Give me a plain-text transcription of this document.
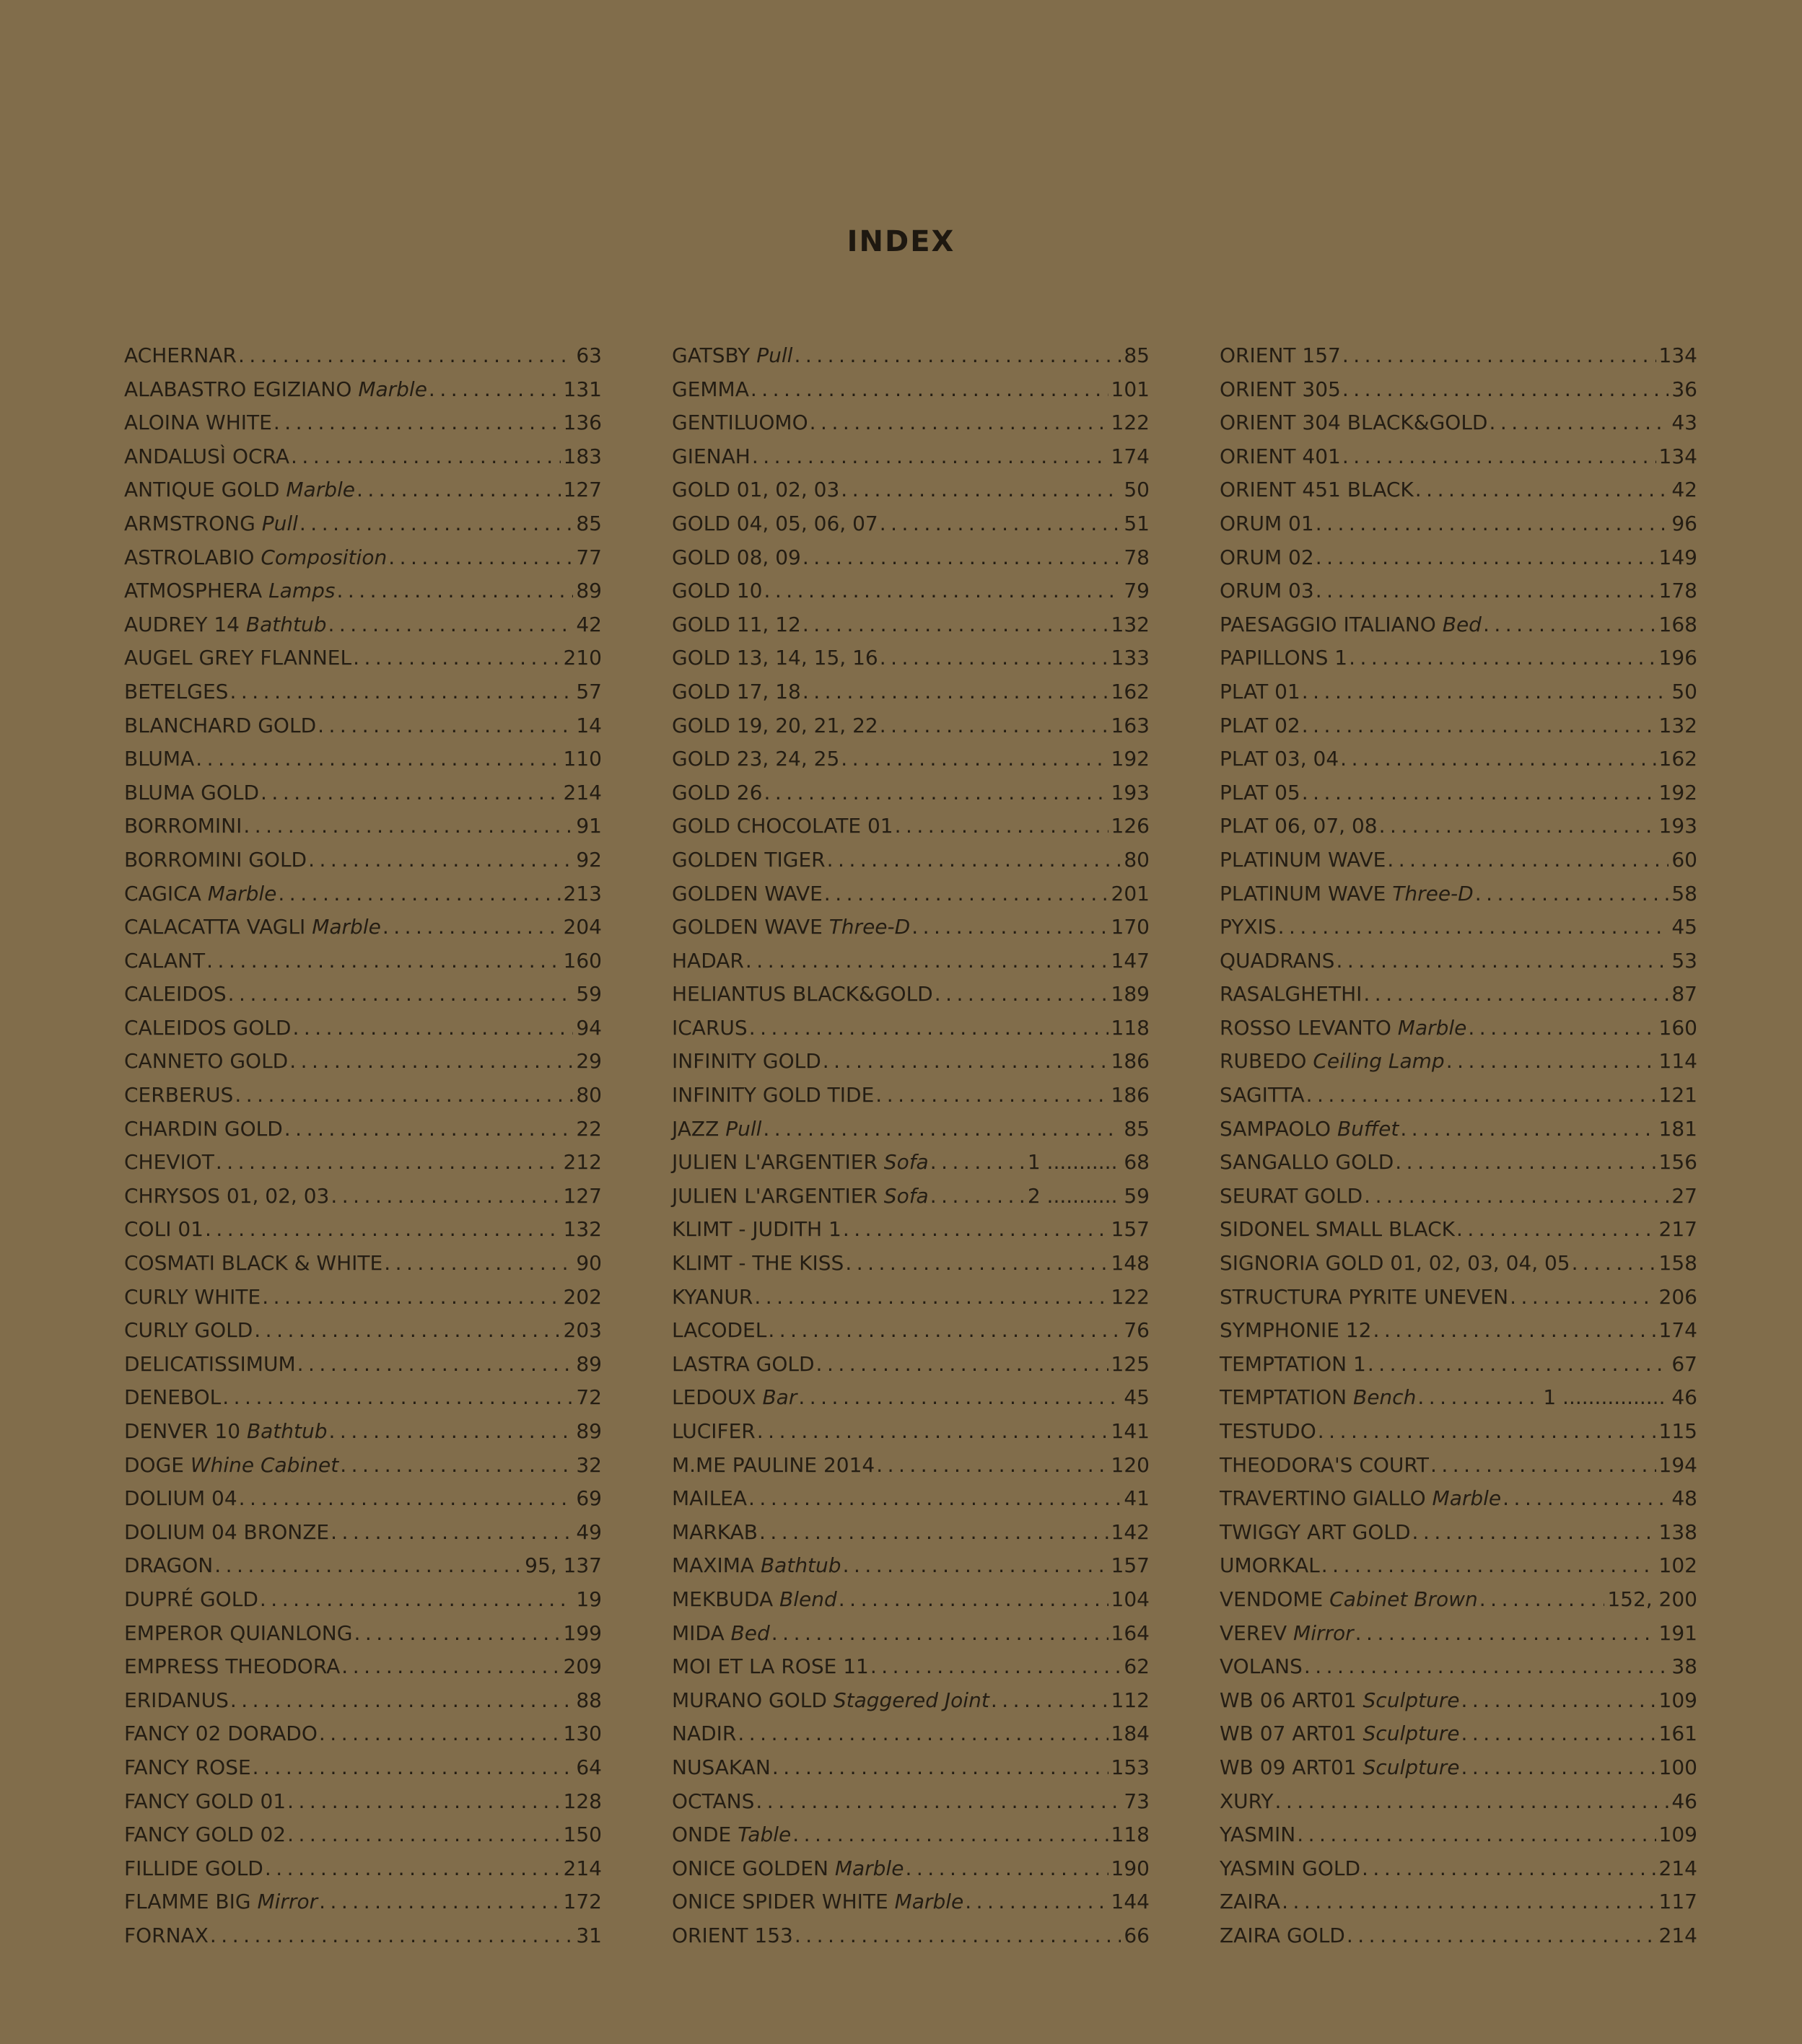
INDEX
ACHERNAR .....	63
ALABASTRO EGIZIANO Marble .....	131
ALOINA WHITE .....	136
ANDALUSÌ OCRA .....	183
ANTIQUE GOLD Marble .....	127
ARMSTRONG Pull .....	85
ASTROLABIO Composition .....	77
ATMOSPHERA Lamps .....	89
AUDREY 14 Bathtub .....	42
AUGEL GREY FLANNEL .....	210
BETELGES .....	57
BLANCHARD GOLD .....	14
BLUMA .....	110
BLUMA GOLD .....	214
BORROMINI .....	91
BORROMINI GOLD .....	92
CAGICA Marble .....	213
CALACATTA VAGLI Marble .....	204
CALANT .....	160
CALEIDOS .....	59
CALEIDOS GOLD .....	94
CANNETO GOLD .....	29
CERBERUS .....	80
CHARDIN GOLD .....	22
CHEVIOT .....	212
CHRYSOS 01, 02, 03 .....	127
COLI 01 .....	132
COSMATI BLACK & WHITE .....	90
CURLY WHITE .....	202
CURLY GOLD .....	203
DELICATISSIMUM .....	89
DENEBOL .....	72
DENVER 10 Bathtub .....	89
DOGE Whine Cabinet .....	32
DOLIUM 04 .....	69
DOLIUM 04 BRONZE .....	49
DRAGON .....	95, 137
DUPRÉ GOLD .....	19
EMPEROR QUIANLONG .....	199
EMPRESS THEODORA .....	209
ERIDANUS .....	88
FANCY 02 DORADO .....	130
FANCY ROSE .....	64
FANCY GOLD 01 .....	128
FANCY GOLD 02 .....	150
FILLIDE GOLD .....	214
FLAMME BIG Mirror .....	172
FORNAX .....	31
GATSBY Pull .....	85
GEMMA .....	101
GENTILUOMO .....	122
GIENAH .....	174
GOLD 01, 02, 03 .....	50
GOLD 04, 05, 06, 07 .....	51
GOLD 08, 09 .....	78
GOLD 10 .....	79
GOLD 11, 12 .....	132
GOLD 13, 14, 15, 16 .....	133
GOLD 17, 18 .....	162
GOLD 19, 20, 21, 22 .....	163
GOLD 23, 24, 25 .....	192
GOLD 26 .....	193
GOLD CHOCOLATE 01 .....	126
GOLDEN TIGER .....	80
GOLDEN WAVE .....	201
GOLDEN WAVE Three-D .....	170
HADAR .....	147
HELIANTUS BLACK&GOLD .....	189
ICARUS .....	118
INFINITY GOLD .....	186
INFINITY GOLD TIDE .....	186
JAZZ Pull .....	85
JULIEN L'ARGENTIER Sofa .....	1 ........... 68
JULIEN L'ARGENTIER Sofa .....	2 ........... 59
KLIMT - JUDITH 1 .....	157
KLIMT - THE KISS .....	148
KYANUR .....	122
LACODEL .....	76
LASTRA GOLD .....	125
LEDOUX Bar .....	45
LUCIFER .....	141
M.ME PAULINE 2014 .....	120
MAILEA .....	41
MARKAB .....	142
MAXIMA Bathtub .....	157
MEKBUDA Blend .....	104
MIDA Bed .....	164
MOI ET LA ROSE 11 .....	62
MURANO GOLD Staggered Joint .....	112
NADIR .....	184
NUSAKAN .....	153
OCTANS .....	73
ONDE Table .....	118
ONICE GOLDEN Marble .....	190
ONICE SPIDER WHITE Marble .....	144
ORIENT 153 .....	66
ORIENT 157 .....	134
ORIENT 305 .....	36
ORIENT 304 BLACK&GOLD .....	43
ORIENT 401 .....	134
ORIENT 451 BLACK .....	42
ORUM 01 .....	96
ORUM 02 .....	149
ORUM 03 .....	178
PAESAGGIO ITALIANO Bed .....	168
PAPILLONS 1 .....	196
PLAT 01 .....	50
PLAT 02 .....	132
PLAT 03, 04 .....	162
PLAT 05 .....	192
PLAT 06, 07, 08 .....	193
PLATINUM WAVE .....	60
PLATINUM WAVE Three-D .....	58
PYXIS .....	45
QUADRANS .....	53
RASALGHETHI .....	87
ROSSO LEVANTO Marble .....	160
RUBEDO Ceiling Lamp .....	114
SAGITTA .....	121
SAMPAOLO Buffet .....	181
SANGALLO GOLD .....	156
SEURAT GOLD .....	27
SIDONEL SMALL BLACK .....	217
SIGNORIA GOLD 01, 02, 03, 04, 05 .....	158
STRUCTURA PYRITE UNEVEN .....	206
SYMPHONIE 12 .....	174
TEMPTATION 1 .....	67
TEMPTATION Bench .....	1 ................ 46
TESTUDO .....	115
THEODORA'S COURT .....	194
TRAVERTINO GIALLO Marble .....	48
TWIGGY ART GOLD .....	138
UMORKAL .....	102
VENDOME Cabinet Brown .....	152, 200
VEREV Mirror .....	191
VOLANS .....	38
WB 06 ART01 Sculpture .....	109
WB 07 ART01 Sculpture .....	161
WB 09 ART01 Sculpture .....	100
XURY .....	46
YASMIN .....	109
YASMIN GOLD .....	214
ZAIRA .....	117
ZAIRA GOLD .....	214
